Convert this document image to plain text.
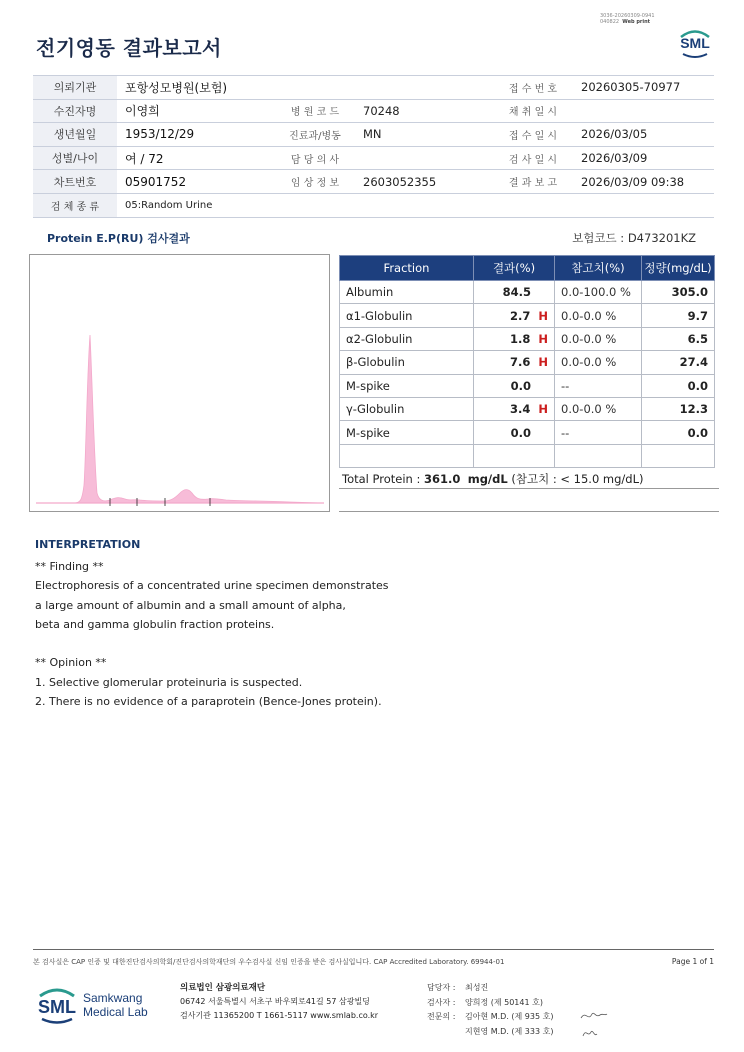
전기영동 결과보고서
3036-20260309-0941
040822 Web print
SML
의뢰기관	포항성모병원(보험)			접 수 번 호	20260305-70977
수진자명	이영희	병 원 코 드	70248	채 취 일 시	
생년월일	1953/12/29	진료과/병동	MN	접 수 일 시	2026/03/05
성별/나이	여 / 72	담 당 의 사		검 사 일 시	2026/03/09
차트번호	05901752	임 상 정 보	2603052355	결 과 보 고	2026/03/09 09:38
검 체 종 류	05:Random Urine				
Protein E.P(RU) 검사결과	보험코드 : D473201KZ
Fraction	결과(%)	참고치(%)	정량(mg/dL)
Albumin	84.5	0.0-100.0 %	305.0
α1-Globulin	2.7 H	0.0-0.0 %	9.7
α2-Globulin	1.8 H	0.0-0.0 %	6.5
β-Globulin	7.6 H	0.0-0.0 %	27.4
M-spike	0.0	--	0.0
γ-Globulin	3.4 H	0.0-0.0 %	12.3
M-spike	0.0	--	0.0

Total Protein : 361.0 mg/dL (참고치 : < 15.0 mg/dL)
INTERPRETATION
** Finding **
Electrophoresis of a concentrated urine specimen demonstrates
a large amount of albumin and a small amount of alpha,
beta and gamma globulin fraction proteins.
** Opinion **
1. Selective glomerular proteinuria is suspected.
2. There is no evidence of a paraprotein (Bence-Jones protein).
본 검사실은 CAP 인증 및 대한진단검사의학회/진단검사의학재단의 우수검사실 신임 인증을 받은 검사실입니다. CAP Accredited Laboratory. 69944-01	Page 1 of 1
SML Samkwang
Medical Lab
의료법인 삼광의료재단
06742 서울특별시 서초구 바우뫼로41길 57 삼광빌딩
검사기관 11365200 T 1661-5117 www.smlab.co.kr
담당자 : 최성진
검사자 : 양희정 (제 50141 호)
전문의 : 김아현 M.D. (제 935 호)
지현영 M.D. (제 333 호)
